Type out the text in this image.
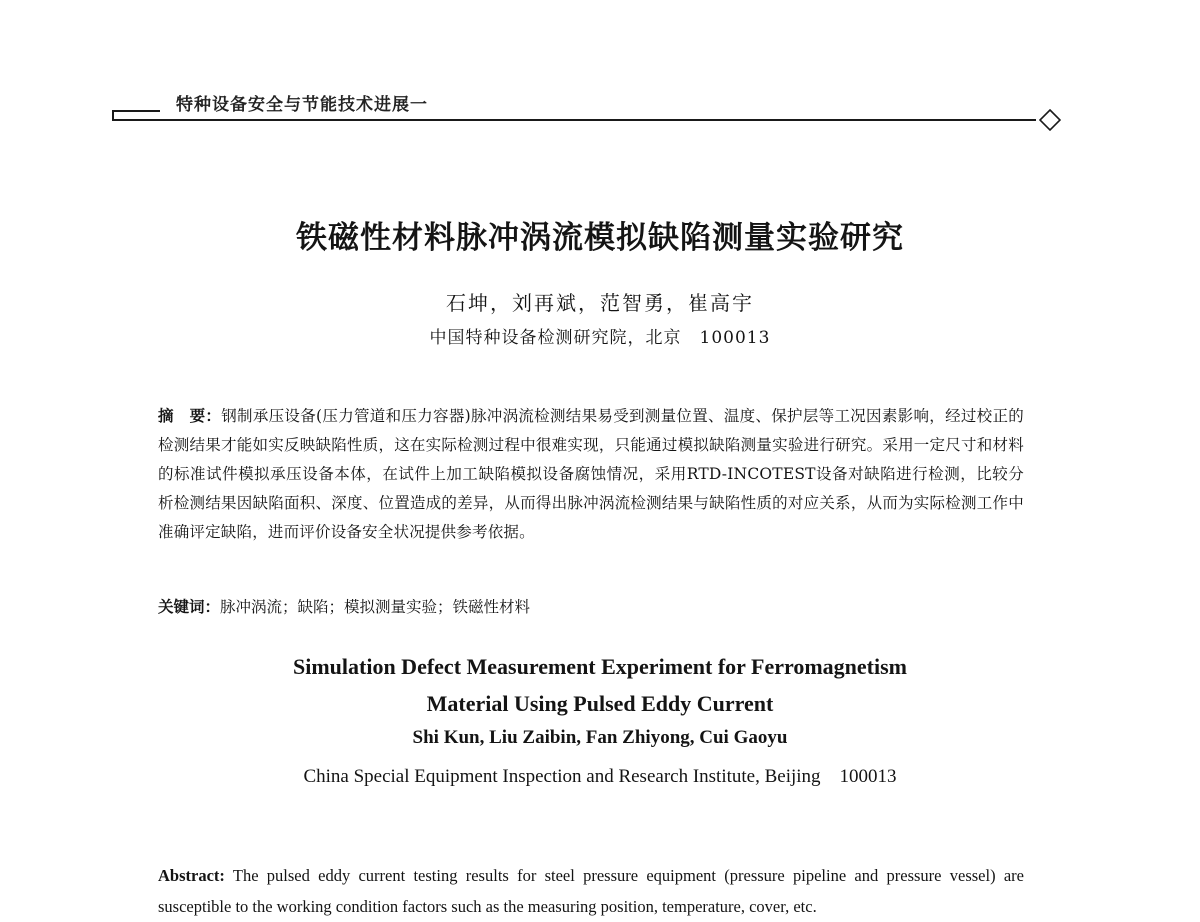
特种设备安全与节能技术进展一
铁磁性材料脉冲涡流模拟缺陷测量实验研究
石坤，刘再斌，范智勇，崔高宇
中国特种设备检测研究院，北京　100013
摘　要：钢制承压设备(压力管道和压力容器)脉冲涡流检测结果易受到测量位置、温度、保护层等工况因素影响，经过校正的检测结果才能如实反映缺陷性质，这在实际检测过程中很难实现，只能通过模拟缺陷测量实验进行研究。采用一定尺寸和材料的标准试件模拟承压设备本体，在试件上加工缺陷模拟设备腐蚀情况，采用RTD-INCOTEST设备对缺陷进行检测，比较分析检测结果因缺陷面积、深度、位置造成的差异，从而得出脉冲涡流检测结果与缺陷性质的对应关系，从而为实际检测工作中准确评定缺陷，进而评价设备安全状况提供参考依据。
关键词：脉冲涡流；缺陷；模拟测量实验；铁磁性材料
Simulation Defect Measurement Experiment for Ferromagnetism
Material Using Pulsed Eddy Current
Shi Kun, Liu Zaibin, Fan Zhiyong, Cui Gaoyu
China Special Equipment Inspection and Research Institute, Beijing　100013
Abstract: The pulsed eddy current testing results for steel pressure equipment (pressure pipeline and pressure vessel) are susceptible to the working condition factors such as the measuring position, temperature, cover, etc.
